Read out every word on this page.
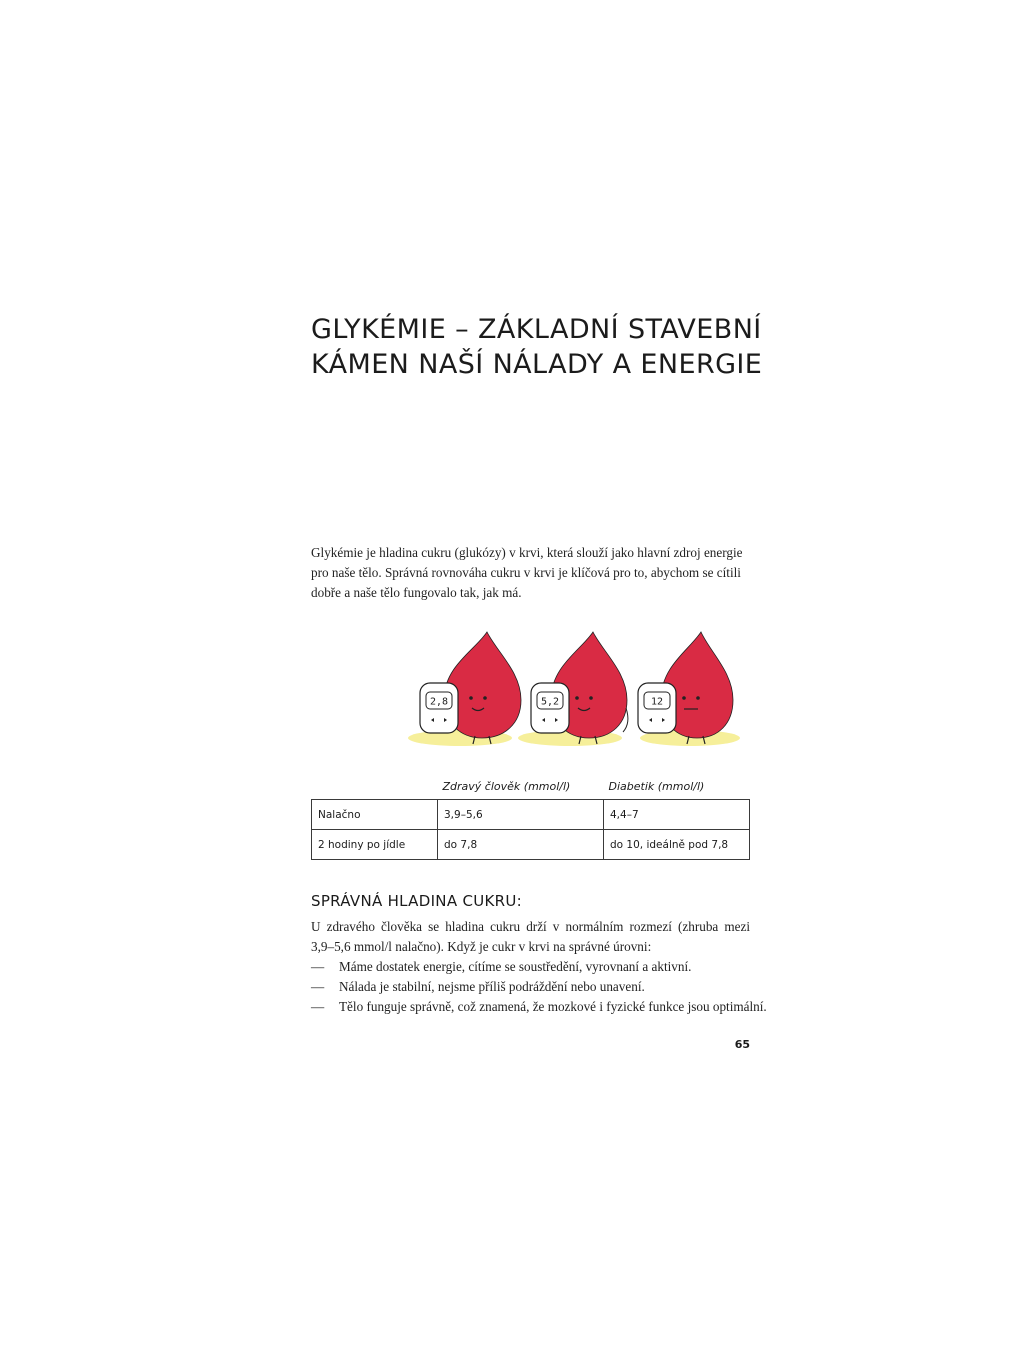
GLYKÉMIE – ZÁKLADNÍ STAVEBNÍ
KÁMEN NAŠÍ NÁLADY A ENERGIE

Glykémie je hladina cukru (glukózy) v krvi, která slouží jako hlavní zdroj energie
pro naše tělo. Správná rovnováha cukru v krvi je klíčová pro to, abychom se cítili
dobře a naše tělo fungovalo tak, jak má.

2,8	5,2	12
	Zdravý člověk (mmol/l)	Diabetik (mmol/l)
Nalačno	3,9–5,6	4,4–7
2 hodiny po jídle	do 7,8	do 10, ideálně pod 7,8
SPRÁVNÁ HLADINA CUKRU:

U zdravého člověka se hladina cukru drží v normálním rozmezí (zhruba mezi
3,9–5,6 mmol/l nalačno). Když je cukr v krvi na správné úrovni:

— Máme dostatek energie, cítíme se soustředění, vyrovnaní a aktivní.
— Nálada je stabilní, nejsme příliš podráždění nebo unavení.
— Tělo funguje správně, což znamená, že mozkové i fyzické funkce jsou optimální.
65
